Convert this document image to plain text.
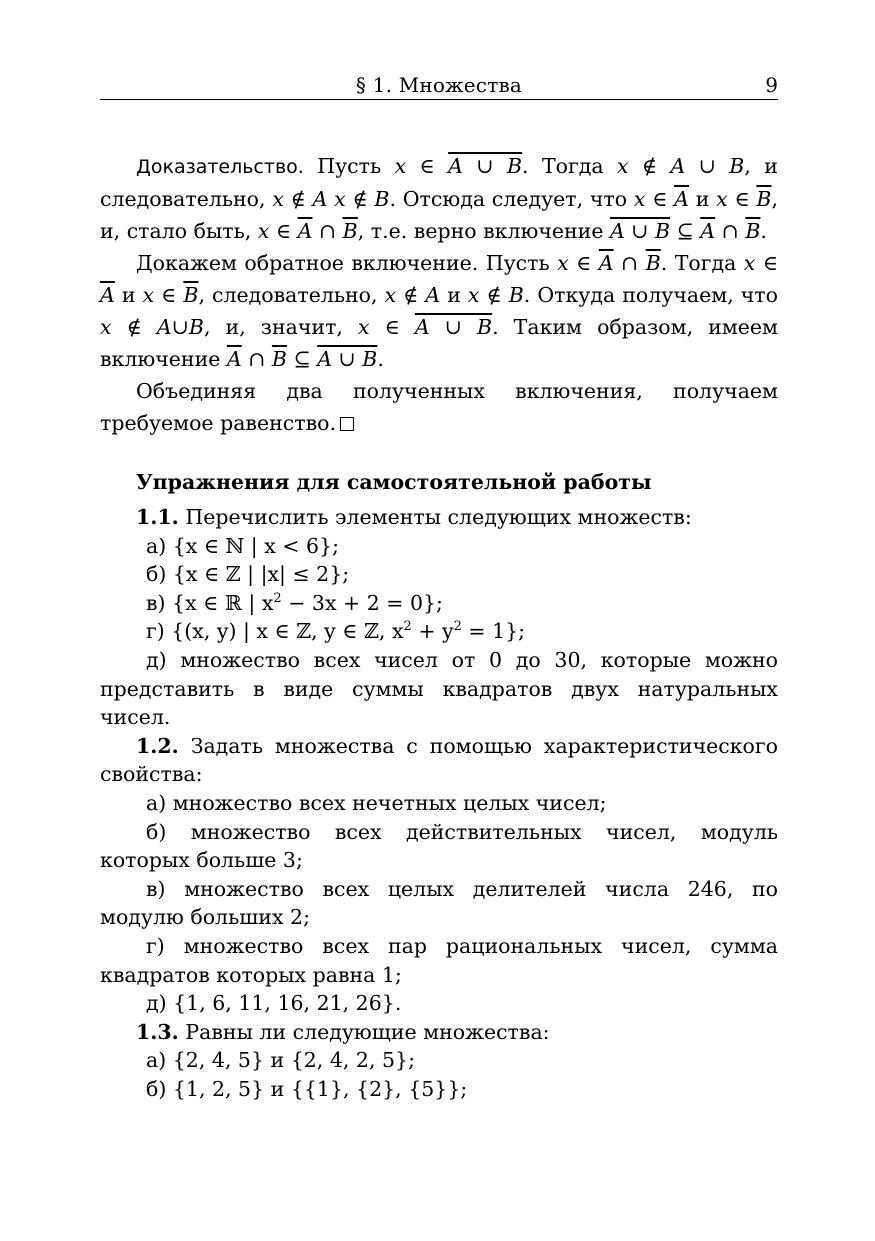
§ 1. Множества	9

Доказательство. Пусть x ∈ A ∪ B. Тогда x ∉ A ∪ B, и следовательно, x ∉ A x ∉ B. Отсюда следует, что x ∈ $\overline{A}$ и x ∈ $\overline{B}$, и, стало быть, x ∈ $\overline{A}$ ∩ $\overline{B}$, т.е. верно включение A ∪ B ⊆ $\overline{A}$ ∩ $\overline{B}$.

Докажем обратное включение. Пусть x ∈ $\overline{A}$ ∩ $\overline{B}$. Тогда x ∈ $\overline{A}$ и x ∈ $\overline{B}$, следовательно, x ∉ A и x ∉ B. Откуда получаем, что x ∉ A∪B, и, значит, x ∈ A ∪ B. Таким образом, имеем включение $\overline{A}$ ∩ $\overline{B}$ ⊆ A ∪ B.

Объединяя два полученных включения, получаем требуемое равенство.

Упражнения для самостоятельной работы

1.1. Перечислить элементы следующих множеств:

а) {x ∈ ℕ | x < 6};

б) {x ∈ ℤ | |x| ≤ 2};

в) {x ∈ ℝ | $x^2 - 3x + 2 = 0$};

г) {(x, y) | x ∈ ℤ, y ∈ ℤ, $x^2 + y^2 = 1$};

д) множество всех чисел от 0 до 30, которые можно представить в виде суммы квадратов двух натуральных чисел.

1.2. Задать множества с помощью характеристического свойства:

а) множество всех нечетных целых чисел;

б) множество всех действительных чисел, модуль которых больше 3;

в) множество всех целых делителей числа 246, по модулю больших 2;

г) множество всех пар рациональных чисел, сумма квадратов которых равна 1;

д) {1, 6, 11, 16, 21, 26}.

1.3. Равны ли следующие множества:

а) {2, 4, 5} и {2, 4, 2, 5};

б) {1, 2, 5} и {{1}, {2}, {5}};
